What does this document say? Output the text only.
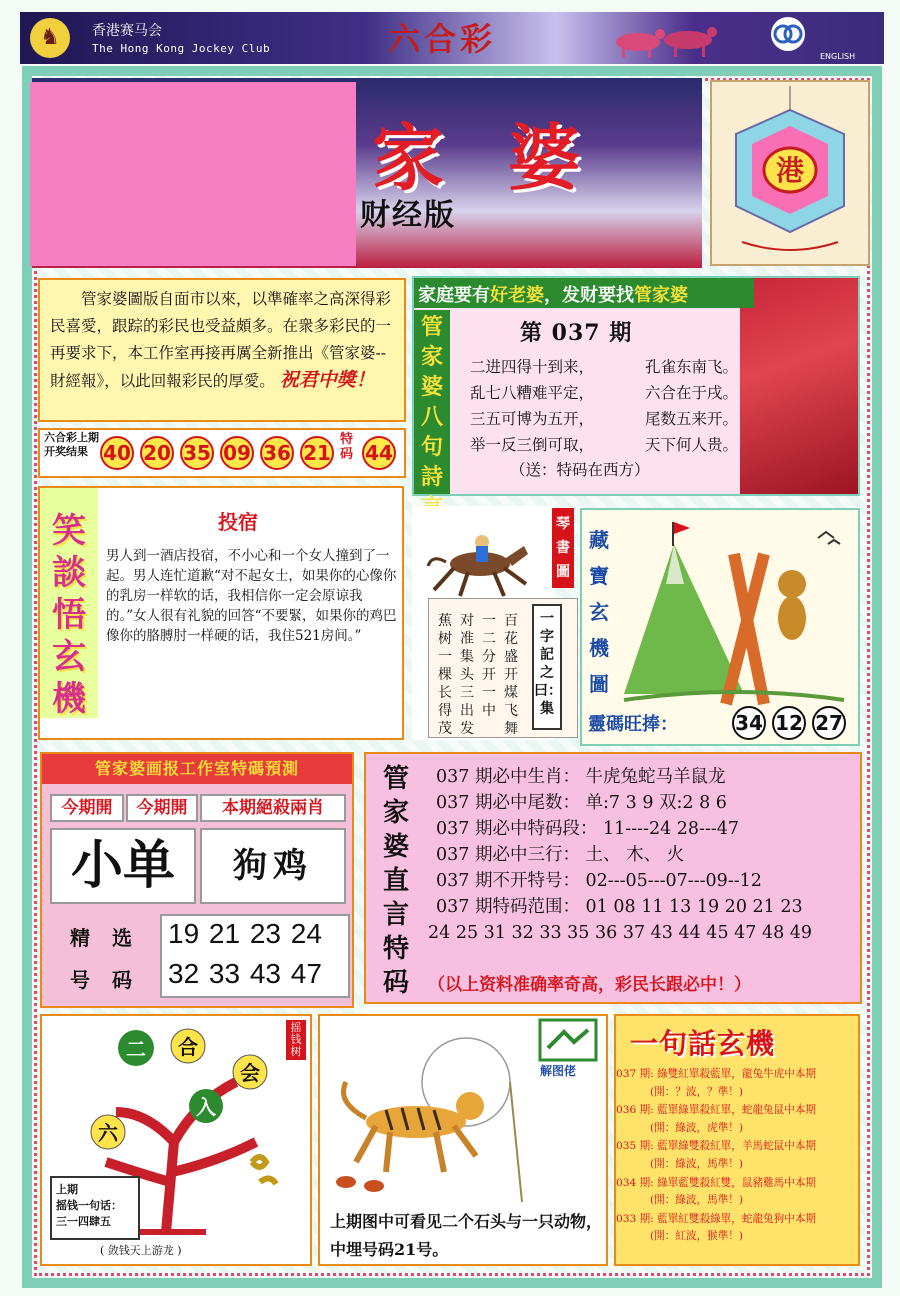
♞	香港赛马会
The Hong Kong Jockey Club	六合彩	ENGLISH
家婆
财经版
港
管家婆圖版自面市以來，以準確率之高深得彩民喜愛，跟踪的彩民也受益頗多。在衆多彩民的一再要求下，本工作室再接再厲全新推出《管家婆--財經報》，以此回報彩民的厚愛。 祝君中獎！
六合彩上期开奖结果 40 20 35 09 36 21
特码 44
家庭要有好老婆，发财要找管家婆
管家婆八句詩
第 037 期
二进四得十到来，	孔雀东南飞。
乱七八糟难平定，	六合在于戌。
三五可博为五开，	尾数五来开。
举一反三倒可取，	天下何人贵。
（送：特码在西方）
笑談悟玄機
投宿
男人到一酒店投宿，不小心和一个女人撞到了一起。男人连忙道歉“对不起女士，如果你的心像你的乳房一样软的话，我相信你一定会原谅我的。”女人很有礼貌的回答“不要緊，如果你的鸡巴像你的胳膊肘一样硬的话，我住521房间。”
蕉树一棵长得茂
对准集头三出发
一二分开一中
百花盛开煤飞舞
一字記之曰：集
琴書圖
藏寶玄機圖
靈碼旺捧：	34 12 27
管家婆画报工作室特碼預測
今期開	今期開	本期絕殺兩肖
小单	狗鸡
精选
号码
19 21 23 24
32 33 43 47
管家婆直言特码
037 期必中生肖： 牛虎兔蛇马羊鼠龙
037 期必中尾数： 单:7 3 9 双:2 8 6
037 期必中特码段： 11----24 28---47
037 期必中三行： 土、 木、 火
037 期不开特号： 02---05---07---09--12
037 期特码范围： 01 08 11 13 19 20 21 23
24 25 31 32 33 35 36 37 43 44 45 47 48 49
（以上资料准确率奇高，彩民长跟必中！）
二 合
会
六
入
摇钱树
上期
摇钱一句话：
三一四肆五
( 敛钱天上游龙 )
解图佬
上期图中可看见二个石头与一只动物，中埋号码21号。
一句話玄機
037 期: 綠雙紅單殺藍單，龍兔牛虎中本期
(開：？波，？準！)
036 期: 藍單綠單殺紅單，蛇龍兔鼠中本期
(開：綠波，虎準！)
035 期: 藍單綠雙殺紅單，羊馬蛇鼠中本期
(開：綠波，馬準！)
034 期: 綠單藍雙殺紅雙，鼠豬雞馬中本期
(開：綠波，馬準！)
033 期: 藍單紅雙殺綠單，蛇龍兔狗中本期
(開：紅波，猴準！)
